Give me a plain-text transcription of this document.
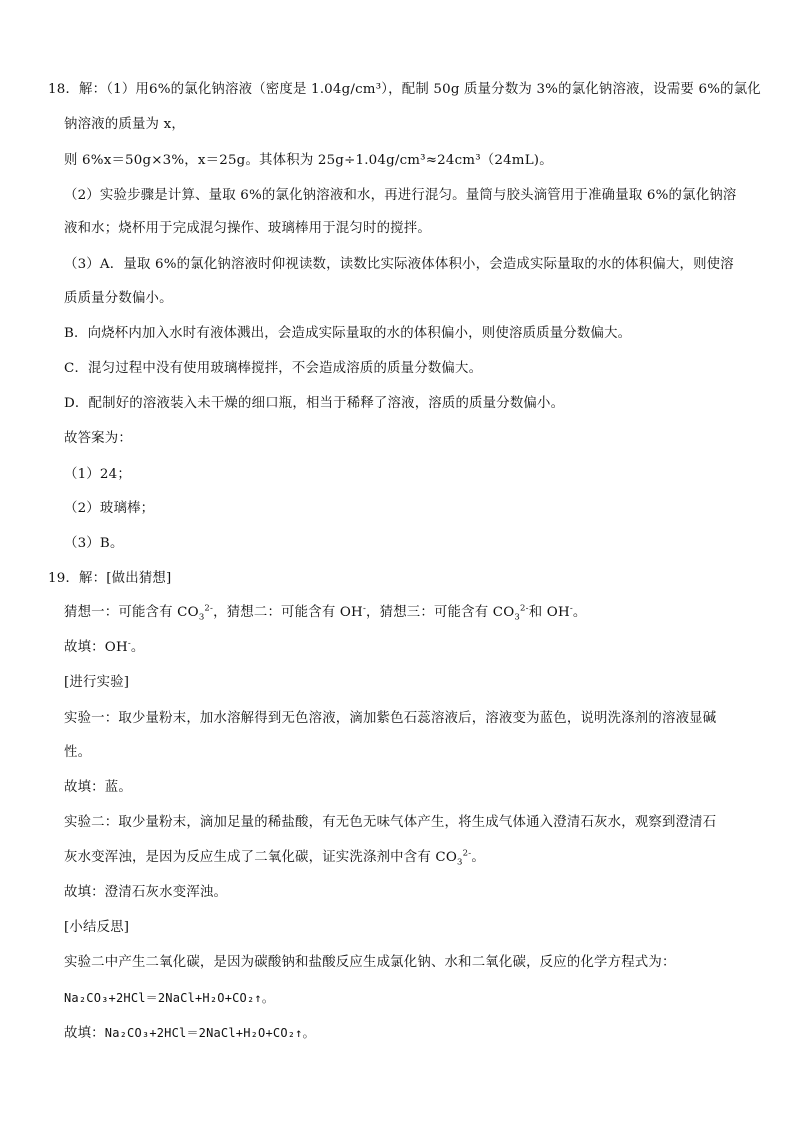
18．解：（1）用6%的氯化钠溶液（密度是 1.04g/cm³），配制 50g 质量分数为 3%的氯化钠溶液，设需要 6%的氯化
钠溶液的质量为 x，
则 6%x＝50g×3%，x＝25g。其体积为 25g÷1.04g/cm³≈24cm³（24mL)。
（2）实验步骤是计算、量取 6%的氯化钠溶液和水，再进行混匀。量筒与胶头滴管用于准确量取 6%的氯化钠溶
液和水；烧杯用于完成混匀操作、玻璃棒用于混匀时的搅拌。
（3）A．量取 6%的氯化钠溶液时仰视读数，读数比实际液体体积小，会造成实际量取的水的体积偏大，则使溶
质质量分数偏小。
B．向烧杯内加入水时有液体溅出，会造成实际量取的水的体积偏小，则使溶质质量分数偏大。
C．混匀过程中没有使用玻璃棒搅拌，不会造成溶质的质量分数偏大。
D．配制好的溶液装入未干燥的细口瓶，相当于稀释了溶液，溶质的质量分数偏小。
故答案为：
（1）24；
（2）玻璃棒；
（3）B。
19．解：[做出猜想]
猜想一：可能含有 $CO_3^{2-}$，猜想二：可能含有 OH-，猜想三：可能含有 $CO_3^{2-}$和 OH-。
故填：OH-。
[进行实验]
实验一：取少量粉末，加水溶解得到无色溶液，滴加紫色石蕊溶液后，溶液变为蓝色，说明洗涤剂的溶液显碱
性。
故填：蓝。
实验二：取少量粉末，滴加足量的稀盐酸，有无色无味气体产生，将生成气体通入澄清石灰水，观察到澄清石
灰水变浑浊，是因为反应生成了二氧化碳，证实洗涤剂中含有 $CO_3^{2-}$。
故填：澄清石灰水变浑浊。
[小结反思]
实验二中产生二氧化碳，是因为碳酸钠和盐酸反应生成氯化钠、水和二氧化碳，反应的化学方程式为：
Na₂CO₃+2HCl＝2NaCl+H₂O+CO₂↑。
故填：Na₂CO₃+2HCl＝2NaCl+H₂O+CO₂↑。
